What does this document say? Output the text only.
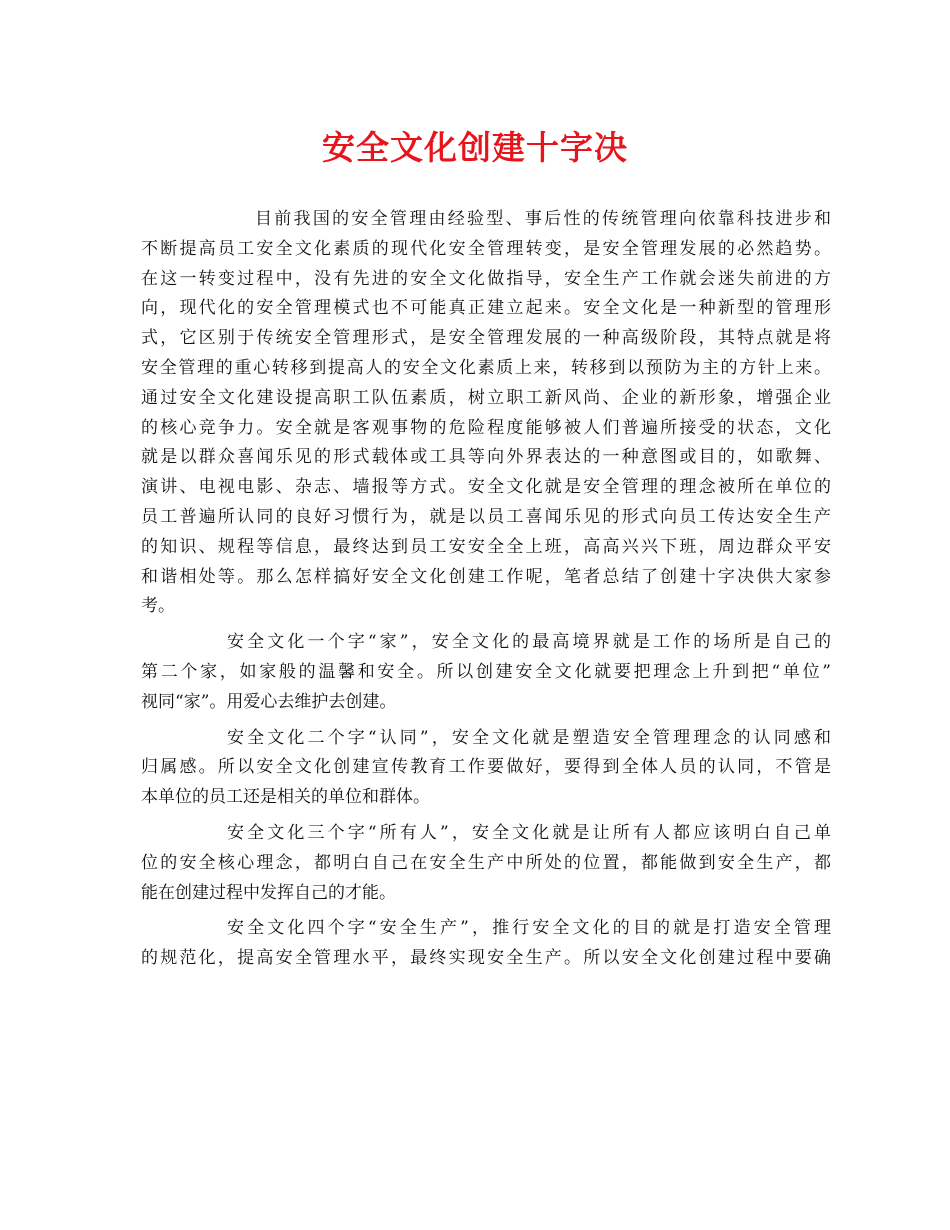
安全文化创建十字决
目前我国的安全管理由经验型、事后性的传统管理向依靠科技进步和
不断提高员工安全文化素质的现代化安全管理转变，是安全管理发展的必然趋势。
在这一转变过程中，没有先进的安全文化做指导，安全生产工作就会迷失前进的方
向，现代化的安全管理模式也不可能真正建立起来。安全文化是一种新型的管理形
式，它区别于传统安全管理形式，是安全管理发展的一种高级阶段，其特点就是将
安全管理的重心转移到提高人的安全文化素质上来，转移到以预防为主的方针上来。
通过安全文化建设提高职工队伍素质，树立职工新风尚、企业的新形象，增强企业
的核心竞争力。安全就是客观事物的危险程度能够被人们普遍所接受的状态，文化
就是以群众喜闻乐见的形式载体或工具等向外界表达的一种意图或目的，如歌舞、
演讲、电视电影、杂志、墙报等方式。安全文化就是安全管理的理念被所在单位的
员工普遍所认同的良好习惯行为，就是以员工喜闻乐见的形式向员工传达安全生产
的知识、规程等信息，最终达到员工安安全全上班，高高兴兴下班，周边群众平安
和谐相处等。那么怎样搞好安全文化创建工作呢，笔者总结了创建十字决供大家参
考。
安全文化一个字“家”，安全文化的最高境界就是工作的场所是自己的
第二个家，如家般的温馨和安全。所以创建安全文化就要把理念上升到把“单位”
视同“家”。用爱心去维护去创建。
安全文化二个字“认同”，安全文化就是塑造安全管理理念的认同感和
归属感。所以安全文化创建宣传教育工作要做好，要得到全体人员的认同，不管是
本单位的员工还是相关的单位和群体。
安全文化三个字“所有人”，安全文化就是让所有人都应该明白自己单
位的安全核心理念，都明白自己在安全生产中所处的位置，都能做到安全生产，都
能在创建过程中发挥自己的才能。
安全文化四个字“安全生产”，推行安全文化的目的就是打造安全管理
的规范化，提高安全管理水平，最终实现安全生产。所以安全文化创建过程中要确
